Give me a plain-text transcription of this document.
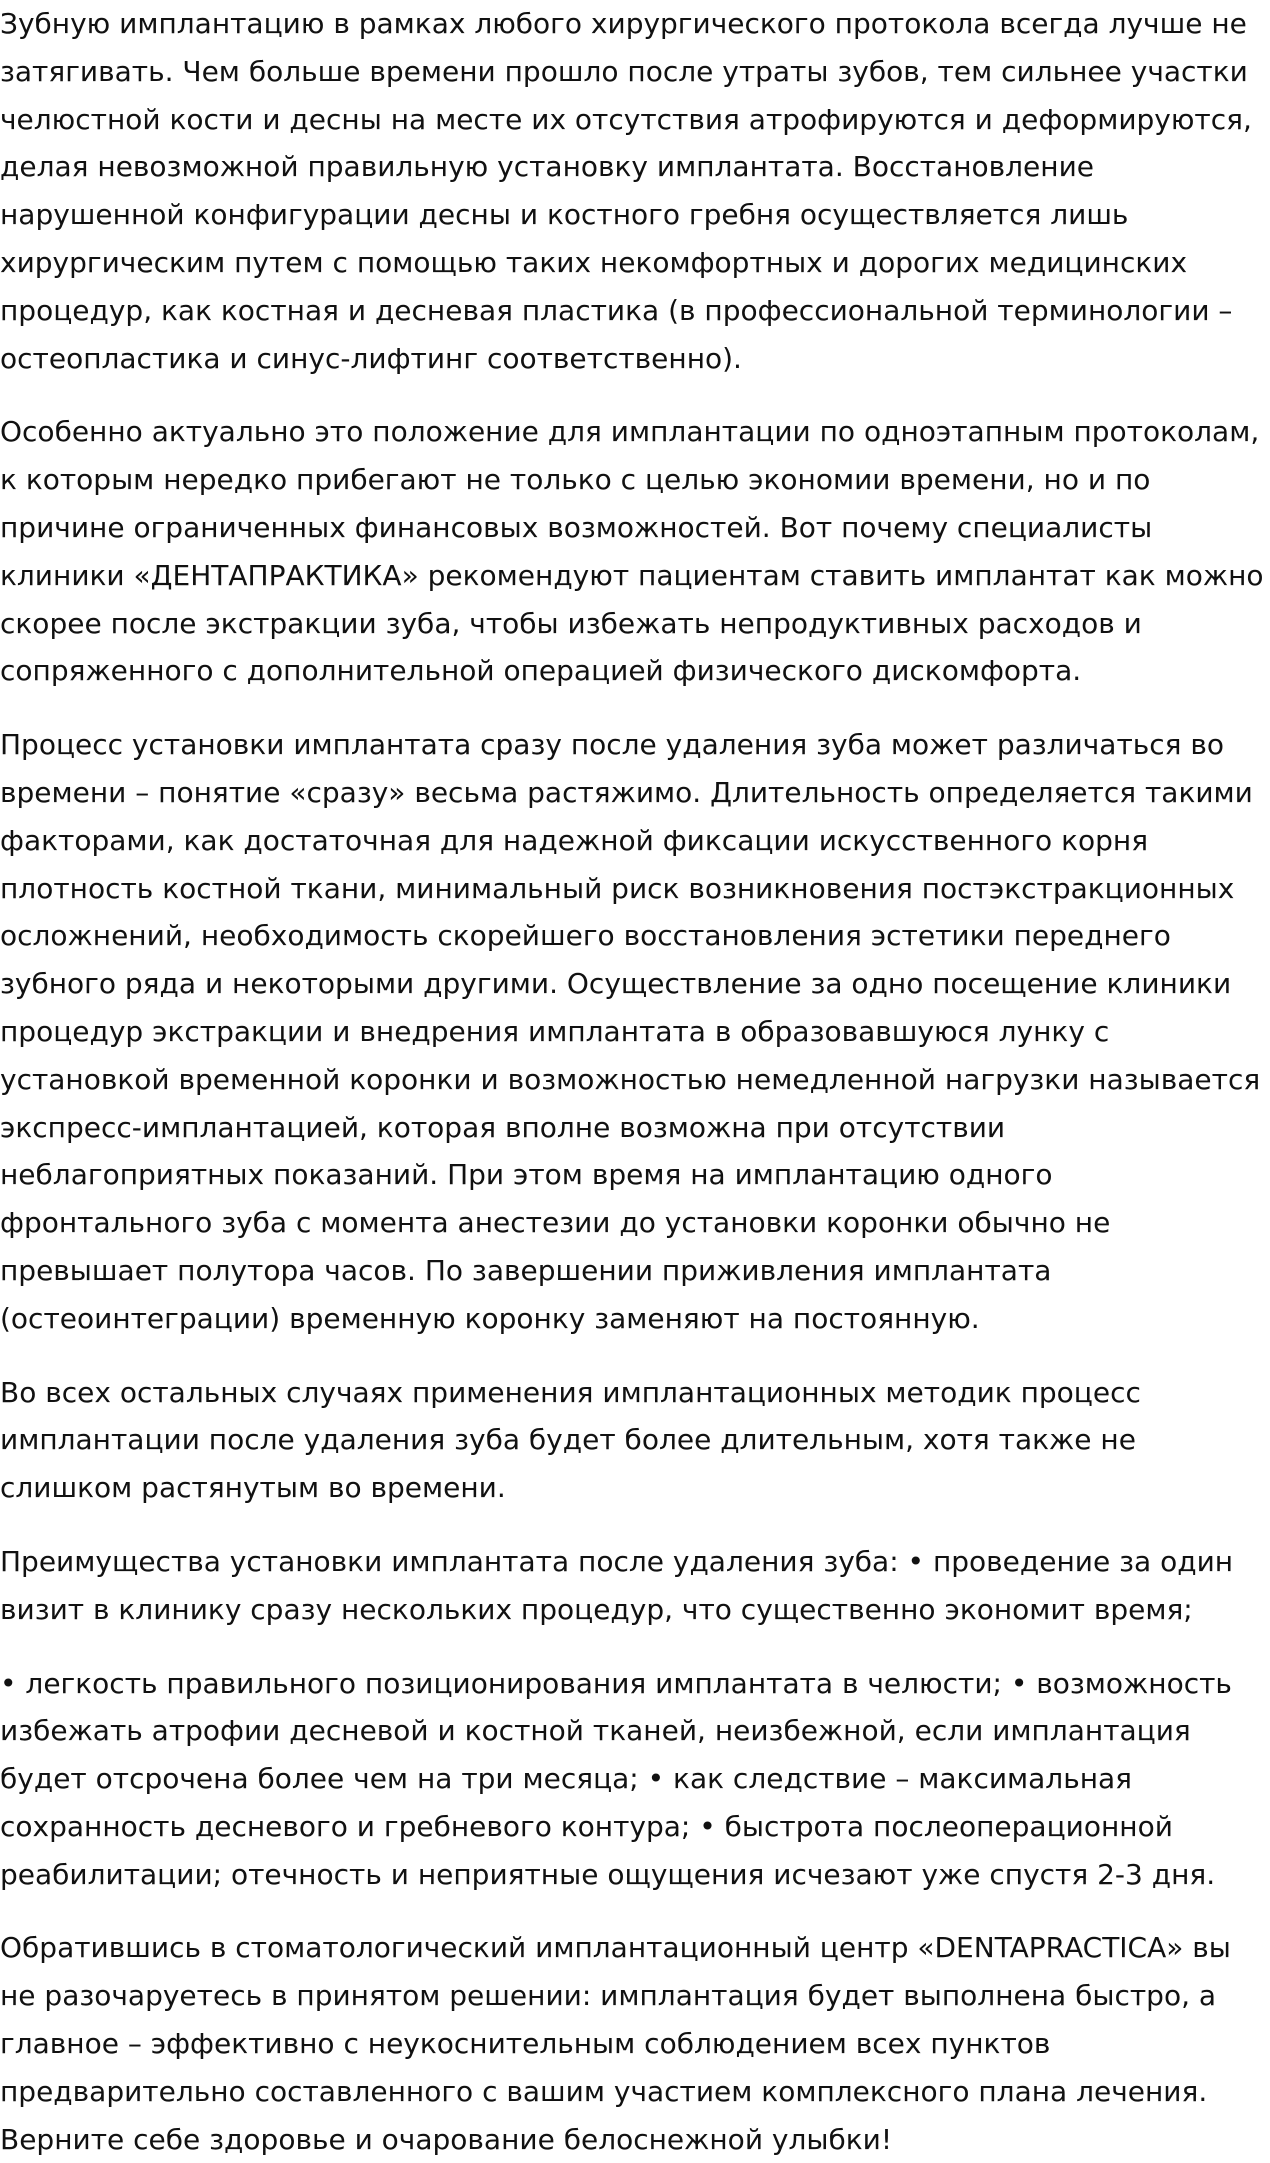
Зубную имплантацию в рамках любого хирургического протокола всегда лучше не затягивать. Чем больше времени прошло после утраты зубов, тем сильнее участки челюстной кости и десны на месте их отсутствия атрофируются и деформируются, делая невозможной правильную установку имплантата. Восстановление нарушенной конфигурации десны и костного гребня осуществляется лишь хирургическим путем с помощью таких некомфортных и дорогих медицинских процедур, как костная и десневая пластика (в профессиональной терминологии – остеопластика и синус-лифтинг соответственно).

Особенно актуально это положение для имплантации по одноэтапным протоколам, к которым нередко прибегают не только с целью экономии времени, но и по причине ограниченных финансовых возможностей. Вот почему специалисты клиники «ДЕНТАПРАКТИКА» рекомендуют пациентам ставить имплантат как можно скорее после экстракции зуба, чтобы избежать непродуктивных расходов и сопряженного с дополнительной операцией физического дискомфорта.

Процесс установки имплантата сразу после удаления зуба может различаться во времени – понятие «сразу» весьма растяжимо. Длительность определяется такими факторами, как достаточная для надежной фиксации искусственного корня плотность костной ткани, минимальный риск возникновения постэкстракционных осложнений, необходимость скорейшего восстановления эстетики переднего зубного ряда и некоторыми другими. Осуществление за одно посещение клиники процедур экстракции и внедрения имплантата в образовавшуюся лунку с установкой временной коронки и возможностью немедленной нагрузки называется экспресс-имплантацией, которая вполне возможна при отсутствии неблагоприятных показаний. При этом время на имплантацию одного фронтального зуба с момента анестезии до установки коронки обычно не превышает полутора часов. По завершении приживления имплантата (остеоинтеграции) временную коронку заменяют на постоянную.

Во всех остальных случаях применения имплантационных методик процесс имплантации после удаления зуба будет более длительным, хотя также не слишком растянутым во времени.

Преимущества установки имплантата после удаления зуба: • проведение за один визит в клинику сразу нескольких процедур, что существенно экономит время;

• легкость правильного позиционирования имплантата в челюсти; • возможность избежать атрофии десневой и костной тканей, неизбежной, если имплантация будет отсрочена более чем на три месяца; • как следствие – максимальная сохранность десневого и гребневого контура; • быстрота послеоперационной реабилитации; отечность и неприятные ощущения исчезают уже спустя 2-3 дня.

Обратившись в стоматологический имплантационный центр «DENTAPRACTICA» вы не разочаруетесь в принятом решении: имплантация будет выполнена быстро, а главное – эффективно с неукоснительным соблюдением всех пунктов предварительно составленного с вашим участием комплексного плана лечения. Верните себе здоровье и очарование белоснежной улыбки!
